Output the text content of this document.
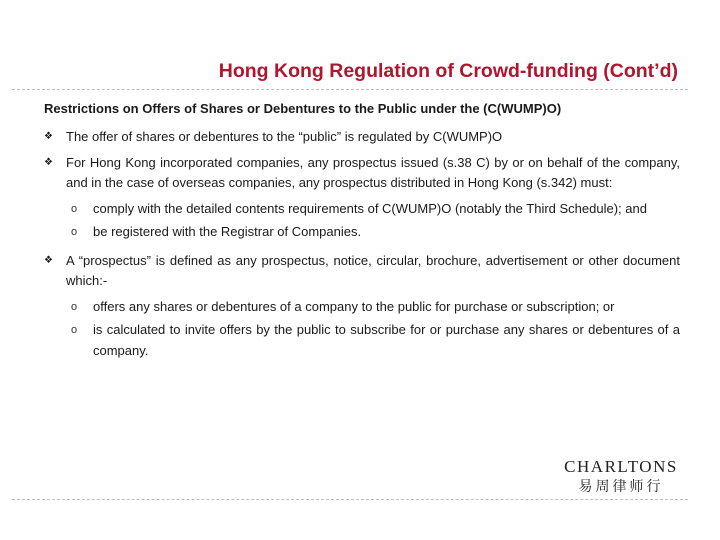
Hong Kong Regulation of Crowd-funding (Cont’d)
Restrictions on Offers of Shares or Debentures to the Public under the (C(WUMP)O)
❖	The offer of shares or debentures to the “public” is regulated by C(WUMP)O
❖	For Hong Kong incorporated companies, any prospectus issued (s.38 C) by or on behalf of the company, and in the case of overseas companies, any prospectus distributed in Hong Kong (s.342) must:
o comply with the detailed contents requirements of C(WUMP)O (notably the Third Schedule); and
o be registered with the Registrar of Companies.
❖	A “prospectus” is defined as any prospectus, notice, circular, brochure, advertisement or other document which:-
o offers any shares or debentures of a company to the public for purchase or subscription; or
o is calculated to invite offers by the public to subscribe for or purchase any shares or debentures of a company.
CHARLTONS
易周律师行
